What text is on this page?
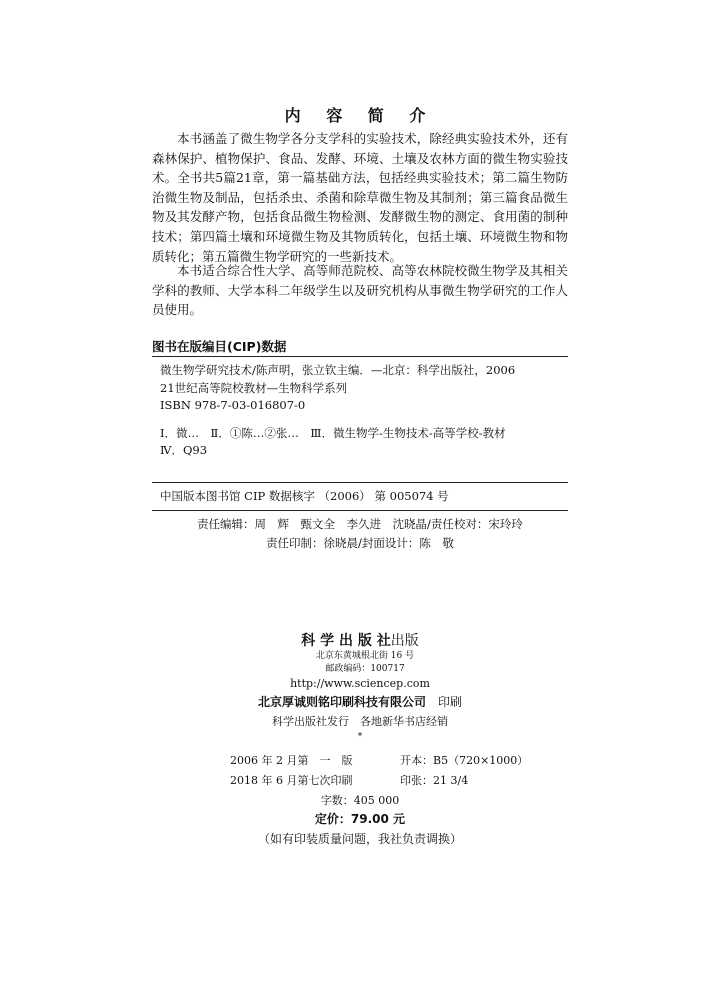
内 容 简 介

本书涵盖了微生物学各分支学科的实验技术，除经典实验技术外，还有森林保护、植物保护、食品、发酵、环境、土壤及农林方面的微生物实验技术。全书共5篇21章，第一篇基础方法，包括经典实验技术；第二篇生物防治微生物及制品，包括杀虫、杀菌和除草微生物及其制剂；第三篇食品微生物及其发酵产物，包括食品微生物检测、发酵微生物的测定、食用菌的制种技术；第四篇土壤和环境微生物及其物质转化，包括土壤、环境微生物和物质转化；第五篇微生物学研究的一些新技术。

本书适合综合性大学、高等师范院校、高等农林院校微生物学及其相关学科的教师、大学本科二年级学生以及研究机构从事微生物学研究的工作人员使用。

图书在版编目(CIP)数据
微生物学研究技术/陈声明，张立钦主编．—北京：科学出版社，2006
21世纪高等院校教材—生物科学系列
ISBN 978-7-03-016807-0
Ⅰ．微…　Ⅱ．①陈…②张…　Ⅲ．微生物学-生物技术-高等学校-教材
Ⅳ．Q93
中国版本图书馆 CIP 数据核字 （2006） 第 005074 号
责任编辑：周　辉　甄文全　李久进　沈晓晶/责任校对：宋玲玲
责任印制：徐晓晨/封面设计：陈　敬
科 学 出 版 社出版
北京东黄城根北街 16 号
邮政编码：100717
http://www.sciencep.com
北京厚诚则铭印刷科技有限公司　 印刷
科学出版社发行　各地新华书店经销
*
2006 年 2 月第　一　版	开本：B5（720×1000）
2018 年 6 月第七次印刷	印张：21 3/4
字数：405 000
定价：79.00 元
（如有印装质量问题，我社负责调换）
